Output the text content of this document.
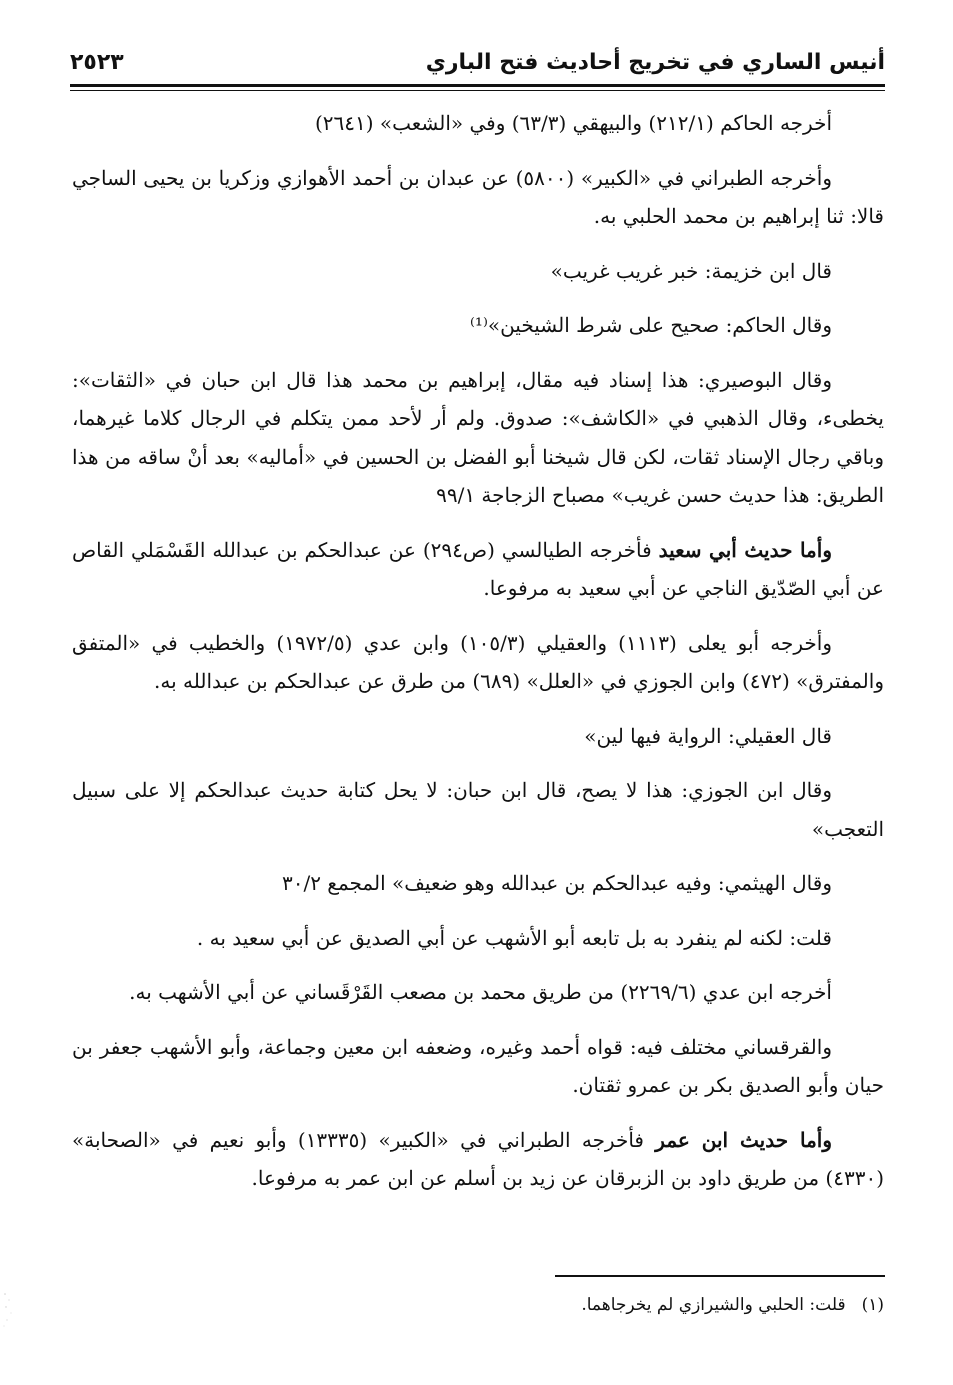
أنيس الساري في تخريج أحاديث فتح الباري
٢٥٢٣

أخرجه الحاكم (٢١٢/١) والبيهقي (٦٣/٣) وفي «الشعب» (٢٦٤١)

وأخرجه الطبراني في «الكبير» (٥٨٠٠) عن عبدان بن أحمد الأهوازي وزكريا بن يحيى الساجي قالا: ثنا إبراهيم بن محمد الحلبي به.

قال ابن خزيمة: خبر غريب غريب»

وقال الحاكم: صحيح على شرط الشيخين»⁽¹⁾

وقال البوصيري: هذا إسناد فيه مقال، إبراهيم بن محمد هذا قال ابن حبان في «الثقات»: يخطىء، وقال الذهبي في «الكاشف»: صدوق. ولم أر لأحد ممن يتكلم في الرجال كلاما غيرهما، وباقي رجال الإسناد ثقات، لكن قال شيخنا أبو الفضل بن الحسين في «أماليه» بعد أنْ ساقه من هذا الطريق: هذا حديث حسن غريب» مصباح الزجاجة ٩٩/١

وأما حديث أبي سعيد فأخرجه الطيالسي (ص٢٩٤) عن عبدالحكم بن عبدالله القَسْمَلي القاص عن أبي الصّدّيق الناجي عن أبي سعيد به مرفوعا.

وأخرجه أبو يعلى (١١١٣) والعقيلي (١٠٥/٣) وابن عدي (١٩٧٢/٥) والخطيب في «المتفق والمفترق» (٤٧٢) وابن الجوزي في «العلل» (٦٨٩) من طرق عن عبدالحكم بن عبدالله به.

قال العقيلي: الرواية فيها لين»

وقال ابن الجوزي: هذا لا يصح، قال ابن حبان: لا يحل كتابة حديث عبدالحكم إلا على سبيل التعجب»

وقال الهيثمي: وفيه عبدالحكم بن عبدالله وهو ضعيف» المجمع ٣٠/٢

قلت: لكنه لم ينفرد به بل تابعه أبو الأشهب عن أبي الصديق عن أبي سعيد به .

أخرجه ابن عدي (٢٢٦٩/٦) من طريق محمد بن مصعب القَرْقَساني عن أبي الأشهب به.

والقرقساني مختلف فيه: قواه أحمد وغيره، وضعفه ابن معين وجماعة، وأبو الأشهب جعفر بن حيان وأبو الصديق بكر بن عمرو ثقتان.

وأما حديث ابن عمر فأخرجه الطبراني في «الكبير» (١٣٣٣٥) وأبو نعيم في «الصحابة» (٤٣٣٠) من طريق داود بن الزبرقان عن زيد بن أسلم عن ابن عمر به مرفوعا.

(١)قلت: الحلبي والشيرازي لم يخرجاهما.
